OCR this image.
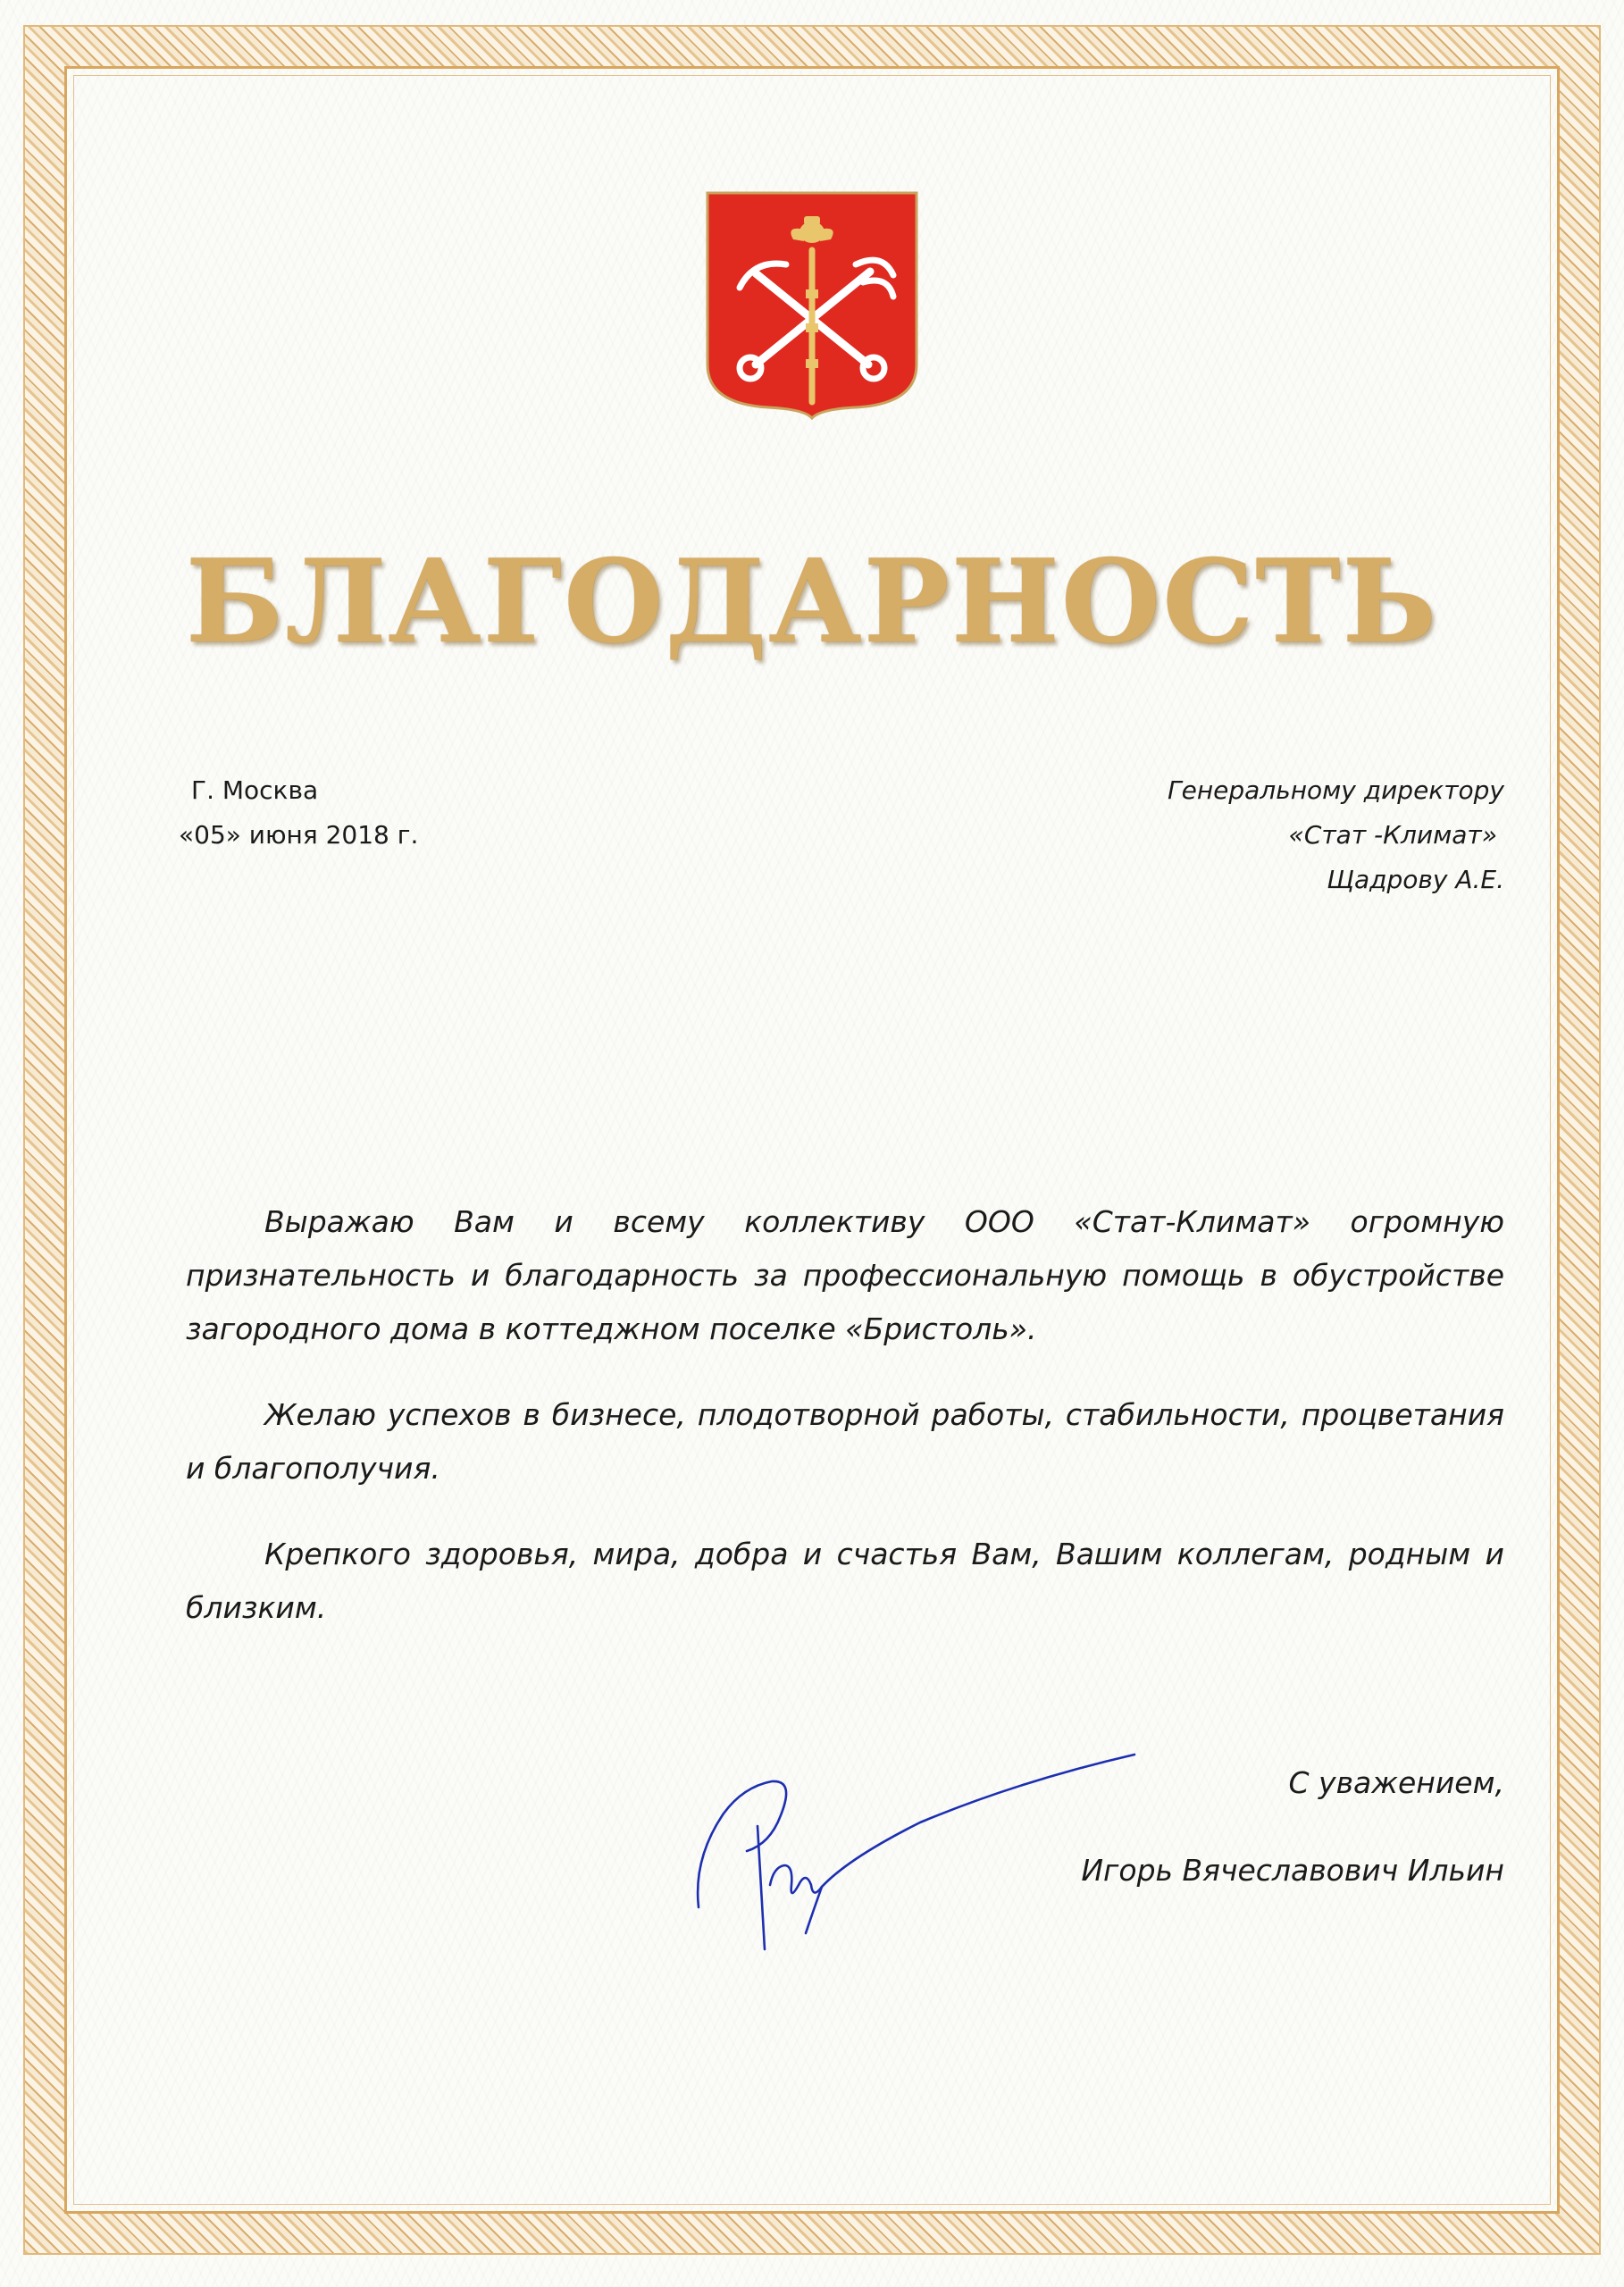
БЛАГОДАРНОСТЬ
Г. Москва
«05» июня 2018 г.
Генеральному директору
«Стат -Климат»
Щадрову А.Е.

Выражаю Вам и всему коллективу ООО «Стат-Климат» огромную признательность и благодарность за профессиональную помощь в обустройстве загородного дома в коттеджном поселке «Бристоль».

Желаю успехов в бизнесе, плодотворной работы, стабильности, процветания и благополучия.

Крепкого здоровья, мира, добра и счастья Вам, Вашим коллегам, родным и близким.

С уважением,
Игорь Вячеславович Ильин
